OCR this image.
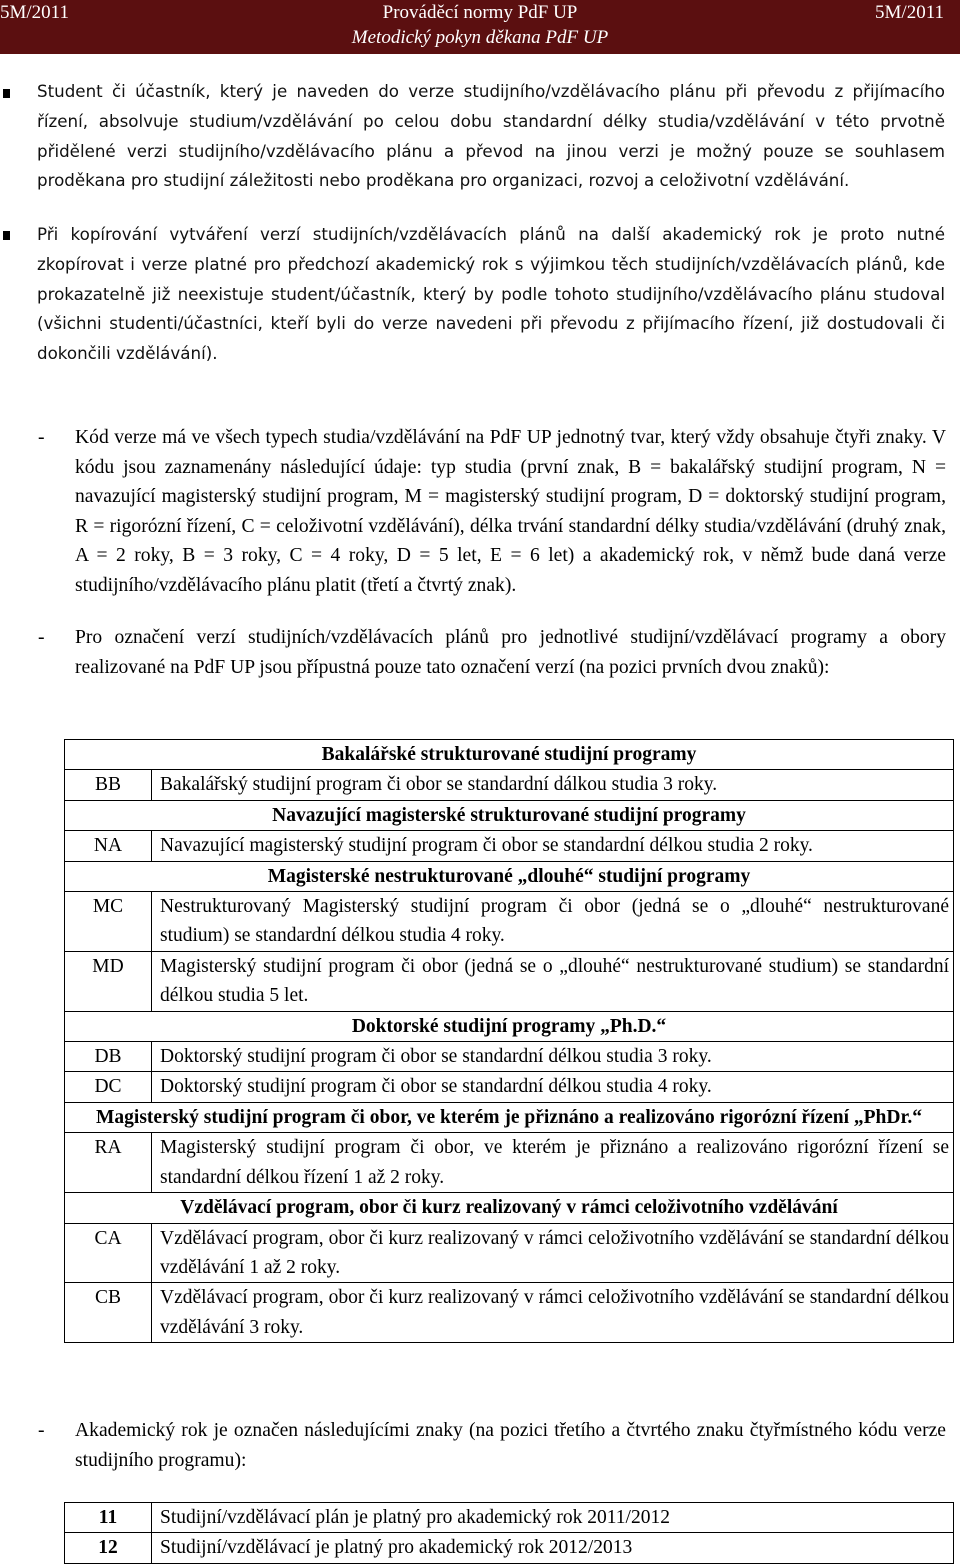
5M/2011	Prováděcí normy PdF UP
Metodický pokyn děkana PdF UP
5M/2011
Student či účastník, který je naveden do verze studijního/vzdělávacího plánu při převodu z přijímacího řízení, absolvuje studium/vzdělávání po celou dobu standardní délky studia/vzdělávání v této prvotně přidělené verzi studijního/vzdělávacího plánu a převod na jinou verzi je možný pouze se souhlasem proděkana pro studijní záležitosti nebo proděkana pro organizaci, rozvoj a celoživotní vzdělávání.
Při kopírování vytváření verzí studijních/vzdělávacích plánů na další akademický rok je proto nutné zkopírovat i verze platné pro předchozí akademický rok s výjimkou těch studijních/vzdělávacích plánů, kde prokazatelně již neexistuje student/účastník, který by podle tohoto studijního/vzdělávacího plánu studoval (všichni studenti/účastníci, kteří byli do verze navedeni při převodu z přijímacího řízení, již dostudovali či dokončili vzdělávání).
- Kód verze má ve všech typech studia/vzdělávání na PdF UP jednotný tvar, který vždy obsahuje čtyři znaky. V kódu jsou zaznamenány následující údaje: typ studia (první znak, B = bakalářský studijní program, N = navazující magisterský studijní program, M = magisterský studijní program, D = doktorský studijní program, R = rigorózní řízení, C = celoživotní vzdělávání), délka trvání standardní délky studia/vzdělávání (druhý znak, A = 2 roky, B = 3 roky, C = 4 roky, D = 5 let, E = 6 let) a akademický rok, v němž bude daná verze studijního/vzdělávacího plánu platit (třetí a čtvrtý znak).
- Pro označení verzí studijních/vzdělávacích plánů pro jednotlivé studijní/vzdělávací programy a obory realizované na PdF UP jsou přípustná pouze tato označení verzí (na pozici prvních dvou znaků):
Bakalářské strukturované studijní programy	
BB	Bakalářský studijní program či obor se standardní dálkou studia 3 roky.
Navazující magisterské strukturované studijní programy	
NA	Navazující magisterský studijní program či obor se standardní délkou studia 2 roky.
Magisterské nestrukturované „dlouhé“ studijní programy	
MC	Nestrukturovaný Magisterský studijní program či obor (jedná se o „dlouhé“ nestrukturované studium) se standardní délkou studia 4 roky.
MD	Magisterský studijní program či obor (jedná se o „dlouhé“ nestrukturované studium) se standardní délkou studia 5 let.
Doktorské studijní programy „Ph.D.“	
DB	Doktorský studijní program či obor se standardní délkou studia 3 roky.
DC	Doktorský studijní program či obor se standardní délkou studia 4 roky.
Magisterský studijní program či obor, ve kterém je přiznáno a realizováno rigorózní řízení „PhDr.“	
RA	Magisterský studijní program či obor, ve kterém je přiznáno a realizováno rigorózní řízení se standardní délkou řízení 1 až 2 roky.
Vzdělávací program, obor či kurz realizovaný v rámci celoživotního vzdělávání	
CA	Vzdělávací program, obor či kurz realizovaný v rámci celoživotního vzdělávání se standardní délkou vzdělávání 1 až 2 roky.
CB	Vzdělávací program, obor či kurz realizovaný v rámci celoživotního vzdělávání se standardní délkou vzdělávání 3 roky.
- Akademický rok je označen následujícími znaky (na pozici třetího a čtvrtého znaku čtyřmístného kódu verze studijního programu):
11	Studijní/vzdělávací plán je platný pro akademický rok 2011/2012
12	Studijní/vzdělávací je platný pro akademický rok 2012/2013
